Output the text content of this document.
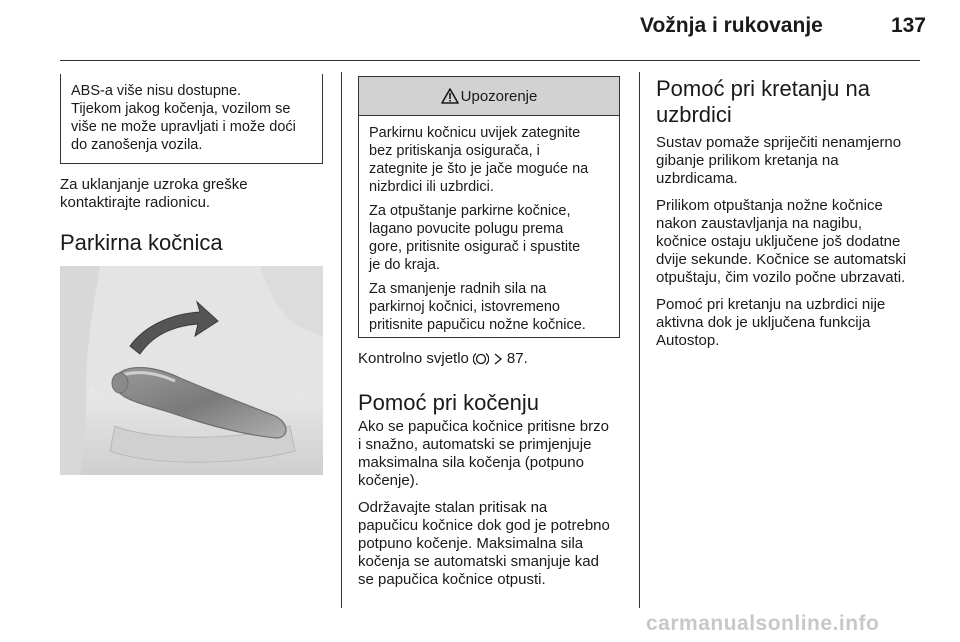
Vožnja i rukovanje	137
ABS-a više nisu dostupne.
Tijekom jakog kočenja, vozilom se
više ne može upravljati i može doći
do zanošenja vozila.
Za uklanjanje uzroka greške
kontaktirajte radionicu.
Parkirna kočnica
Upozorenje
Parkirnu kočnicu uvijek zategnite
bez pritiskanja osigurača, i
zategnite je što je jače moguće na
nizbrdici ili uzbrdici.
Za otpuštanje parkirne kočnice,
lagano povucite polugu prema
gore, pritisnite osigurač i spustite
je do kraja.
Za smanjenje radnih sila na
parkirnoj kočnici, istovremeno
pritisnite papučicu nožne kočnice.
Kontrolno svjetlo	87.
Pomoć pri kočenju
Ako se papučica kočnice pritisne brzo
i snažno, automatski se primjenjuje
maksimalna sila kočenja (potpuno
kočenje).
Održavajte stalan pritisak na
papučicu kočnice dok god je potrebno
potpuno kočenje. Maksimalna sila
kočenja se automatski smanjuje kad
se papučica kočnice otpusti.
Pomoć pri kretanju na
uzbrdici
Sustav pomaže spriječiti nenamjerno
gibanje prilikom kretanja na
uzbrdicama.
Prilikom otpuštanja nožne kočnice
nakon zaustavljanja na nagibu,
kočnice ostaju uključene još dodatne
dvije sekunde. Kočnice se automatski
otpuštaju, čim vozilo počne ubrzavati.
Pomoć pri kretanju na uzbrdici nije
aktivna dok je uključena funkcija
Autostop.
carmanualsonline.info
